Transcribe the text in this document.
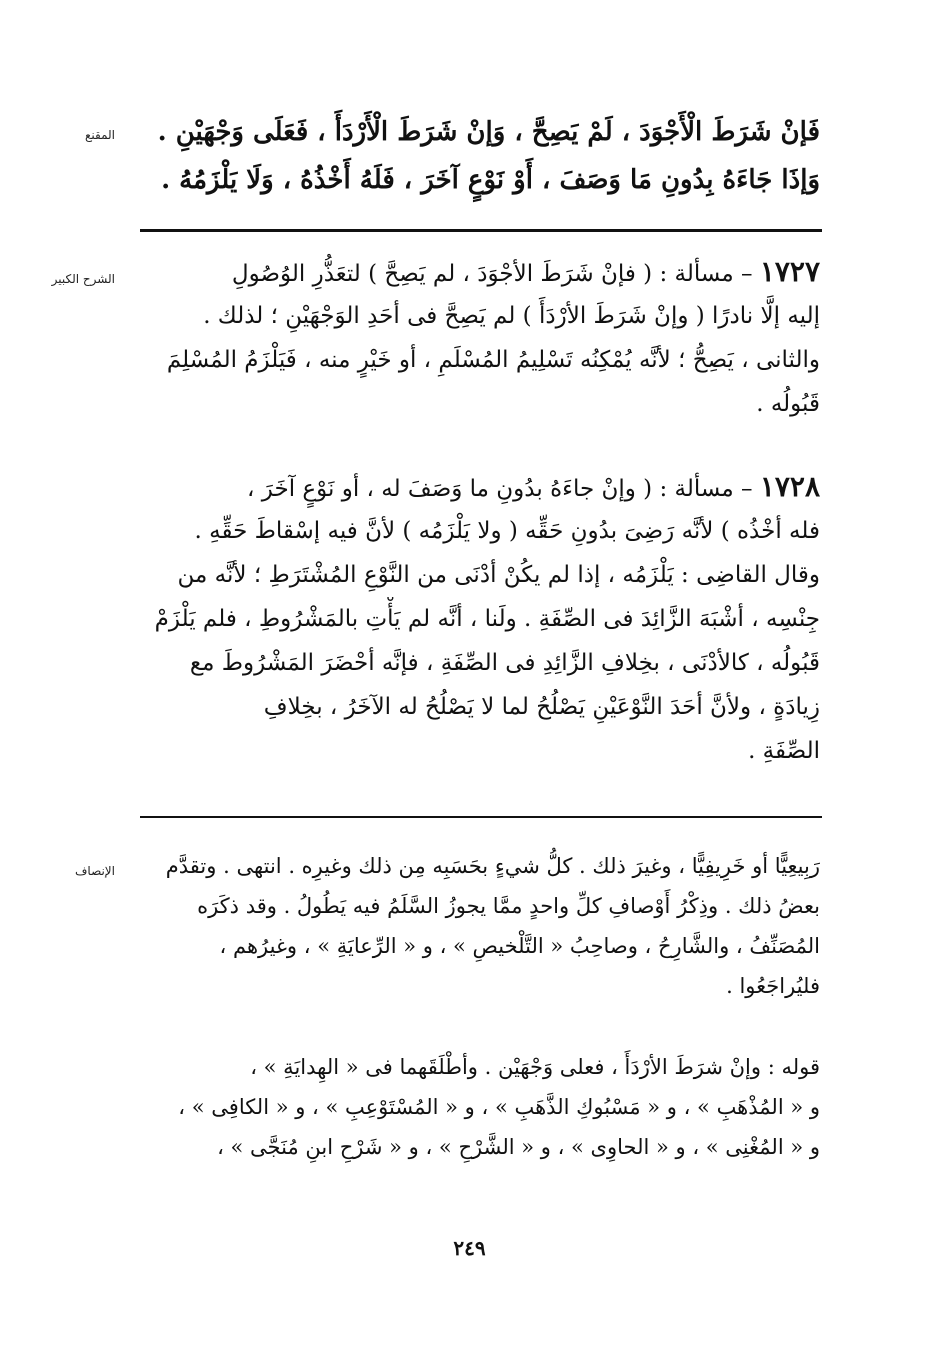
المقنع	فَإنْ شَرَطَ الْأَجْوَدَ ، لَمْ يَصِحَّ ، وَإنْ شَرَطَ الْأَرْدَأَ ، فَعَلَى وَجْهَيْنِ .
وَإذَا جَاءَهُ بِدُونِ مَا وَصَفَ ، أَوْ نَوْعٍ آخَرَ ، فَلَهُ أَخْذُهُ ، وَلَا يَلْزَمُهُ .
الشرح الكبير	١٧٢٧ – مسألة : ( فإنْ شَرَطَ الأجْوَدَ ، لم يَصِحَّ ) لتعَذُّرِ الوُصُولِ
إليه إلَّا نادرًا ( وإنْ شَرَطَ الأرْدَأَ ) لم يَصِحَّ فى أحَدِ الوَجْهَيْنِ ؛ لذلك .
والثانى ، يَصِحُّ ؛ لأنَّه يُمْكِنُه تَسْلِيمُ المُسْلَمِ ، أو خَيْرٍ منه ، فَيَلْزَمُ المُسْلِمَ
قَبُولُه .
١٧٢٨ – مسألة : ( وإنْ جاءَهُ بدُونِ ما وَصَفَ له ، أو نَوْعٍ آخَرَ ،
فله أخْذُه ) لأنَّه رَضِىَ بدُونِ حَقِّه ( ولا يَلْزَمُه ) لأنَّ فيه إسْقاطَ حَقِّهِ .
وقال القاضِى : يَلْزَمُه ، إذا لم يكُنْ أدْنَى من النَّوْعِ المُشْتَرَطِ ؛ لأنَّه من
جِنْسِه ، أشْبَهَ الزَّائِدَ فى الصِّفَةِ . ولَنا ، أنَّه لم يَأْتِ بالمَشْرُوطِ ، فلم يَلْزَمْ
قَبُولُه ، كالأدْنَى ، بخِلافِ الزَّائِدِ فى الصِّفَةِ ، فإنَّه أحْضَرَ المَشْرُوطَ مع
زِيادَةٍ ، ولأنَّ أحَدَ النَّوْعَيْنِ يَصْلُحُ لما لا يَصْلُحُ له الآخَرُ ، بخِلافِ
الصِّفَةِ .
الإنصاف	رَبِيعِيًّا أو خَرِيفِيًّا ، وغيرَ ذلك . كلُّ شيءٍ بحَسَبِه مِن ذلك وغيرِه . انتهى . وتقدَّم
بعضُ ذلك . وذِكْرُ أَوْصافِ كلِّ واحدٍ ممَّا يجوزُ السَّلَمُ فيه يَطُولُ . وقد ذكَرَه
المُصَنِّفُ ، والشَّارِحُ ، وصاحِبُ « التَّلْخيصِ » ، و « الرِّعايَةِ » ، وغيرُهم ،
فليُراجَعُوا .
قوله : وإنْ شرَطَ الأرْدَأَ ، فعلى وَجْهَيْن . وأطْلَقَهما فى « الهِدايَةِ » ،
و « المُذْهَبِ » ، و « مَسْبُوكِ الذَّهَبِ » ، و « المُسْتَوْعِبِ » ، و « الكافِى » ،
و « المُغْنِى » ، و « الحاوِى » ، و « الشَّرْحِ » ، و « شَرْحِ ابنِ مُنَجَّى » ،
٢٤٩
